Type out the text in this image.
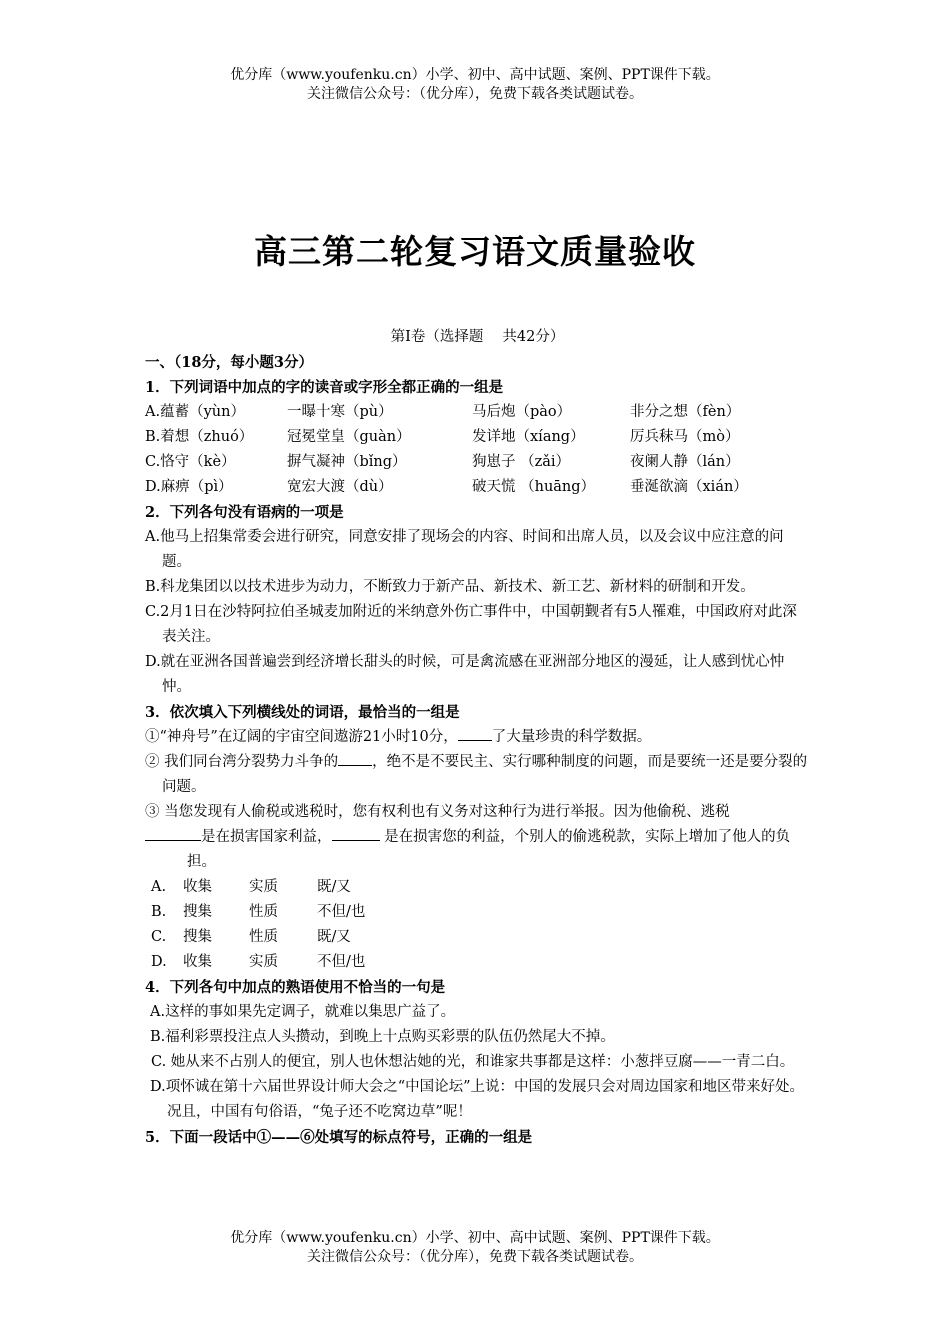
优分库（www.youfenku.cn）小学、初中、高中试题、案例、PPT课件下载。
关注微信公众号：（优分库），免费下载各类试题试卷。
高三第二轮复习语文质量验收
第Ⅰ卷（选择题　 共42分）
一、（18分，每小题3分）
1．下列词语中加点的字的读音或字形全都正确的一组是
A.蕴蓄（yùn）	一曝十寒（pù）	马后炮（pào）	非分之想（fèn）
B.着想（zhuó）	冠冕堂皇（guàn）	发详地（xíang）	厉兵秣马（mò）
C.恪守（kè）	摒气凝神（bǐng）	狗崽子 （zǎi）	夜阑人静（lán）
D.麻痹（pì）	宽宏大渡（dù）	破天慌 （huāng）	垂涎欲滴（xián）
2．下列各句没有语病的一项是
A.他马上招集常委会进行研究，同意安排了现场会的内容、时间和出席人员，以及会议中应注意的问题。
B.科龙集团以以技术进步为动力，不断致力于新产品、新技术、新工艺、新材料的研制和开发。
C.2月1日在沙特阿拉伯圣城麦加附近的米纳意外伤亡事件中，中国朝觐者有5人罹难，中国政府对此深表关注。
D.就在亚洲各国普遍尝到经济增长甜头的时候，可是禽流感在亚洲部分地区的漫延，让人感到忧心忡忡。
3．依次填入下列横线处的词语，最恰当的一组是
①“神舟号”在辽阔的宇宙空间遨游21小时10分， 了大量珍贵的科学数据。
② 我们同台湾分裂势力斗争的 ，绝不是不要民主、实行哪种制度的问题，而是要统一还是要分裂的问题。
③ 当您发现有人偷税或逃税时，您有权利也有义务对这种行为进行举报。因为他偷税、逃税
是在损害国家利益，	是在损害您的利益，个别人的偷逃税款，实际上增加了他人的负担。
A.	收集	实质	既/又
B.	搜集	性质	不但/也
C.	搜集	性质	既/又
D.	收集	实质	不但/也
4．下列各句中加点的熟语使用不恰当的一句是
A.这样的事如果先定调子，就难以集思广益了。
B.福利彩票投注点人头攒动，到晚上十点购买彩票的队伍仍然尾大不掉。
C. 她从来不占别人的便宜，别人也休想沾她的光，和谁家共事都是这样：小葱拌豆腐——一青二白。
D.项怀诚在第十六届世界设计师大会之“中国论坛”上说：中国的发展只会对周边国家和地区带来好处。况且，中国有句俗语，“兔子还不吃窝边草”呢！
5．下面一段话中①——⑥处填写的标点符号，正确的一组是
优分库（www.youfenku.cn）小学、初中、高中试题、案例、PPT课件下载。
关注微信公众号：（优分库），免费下载各类试题试卷。
